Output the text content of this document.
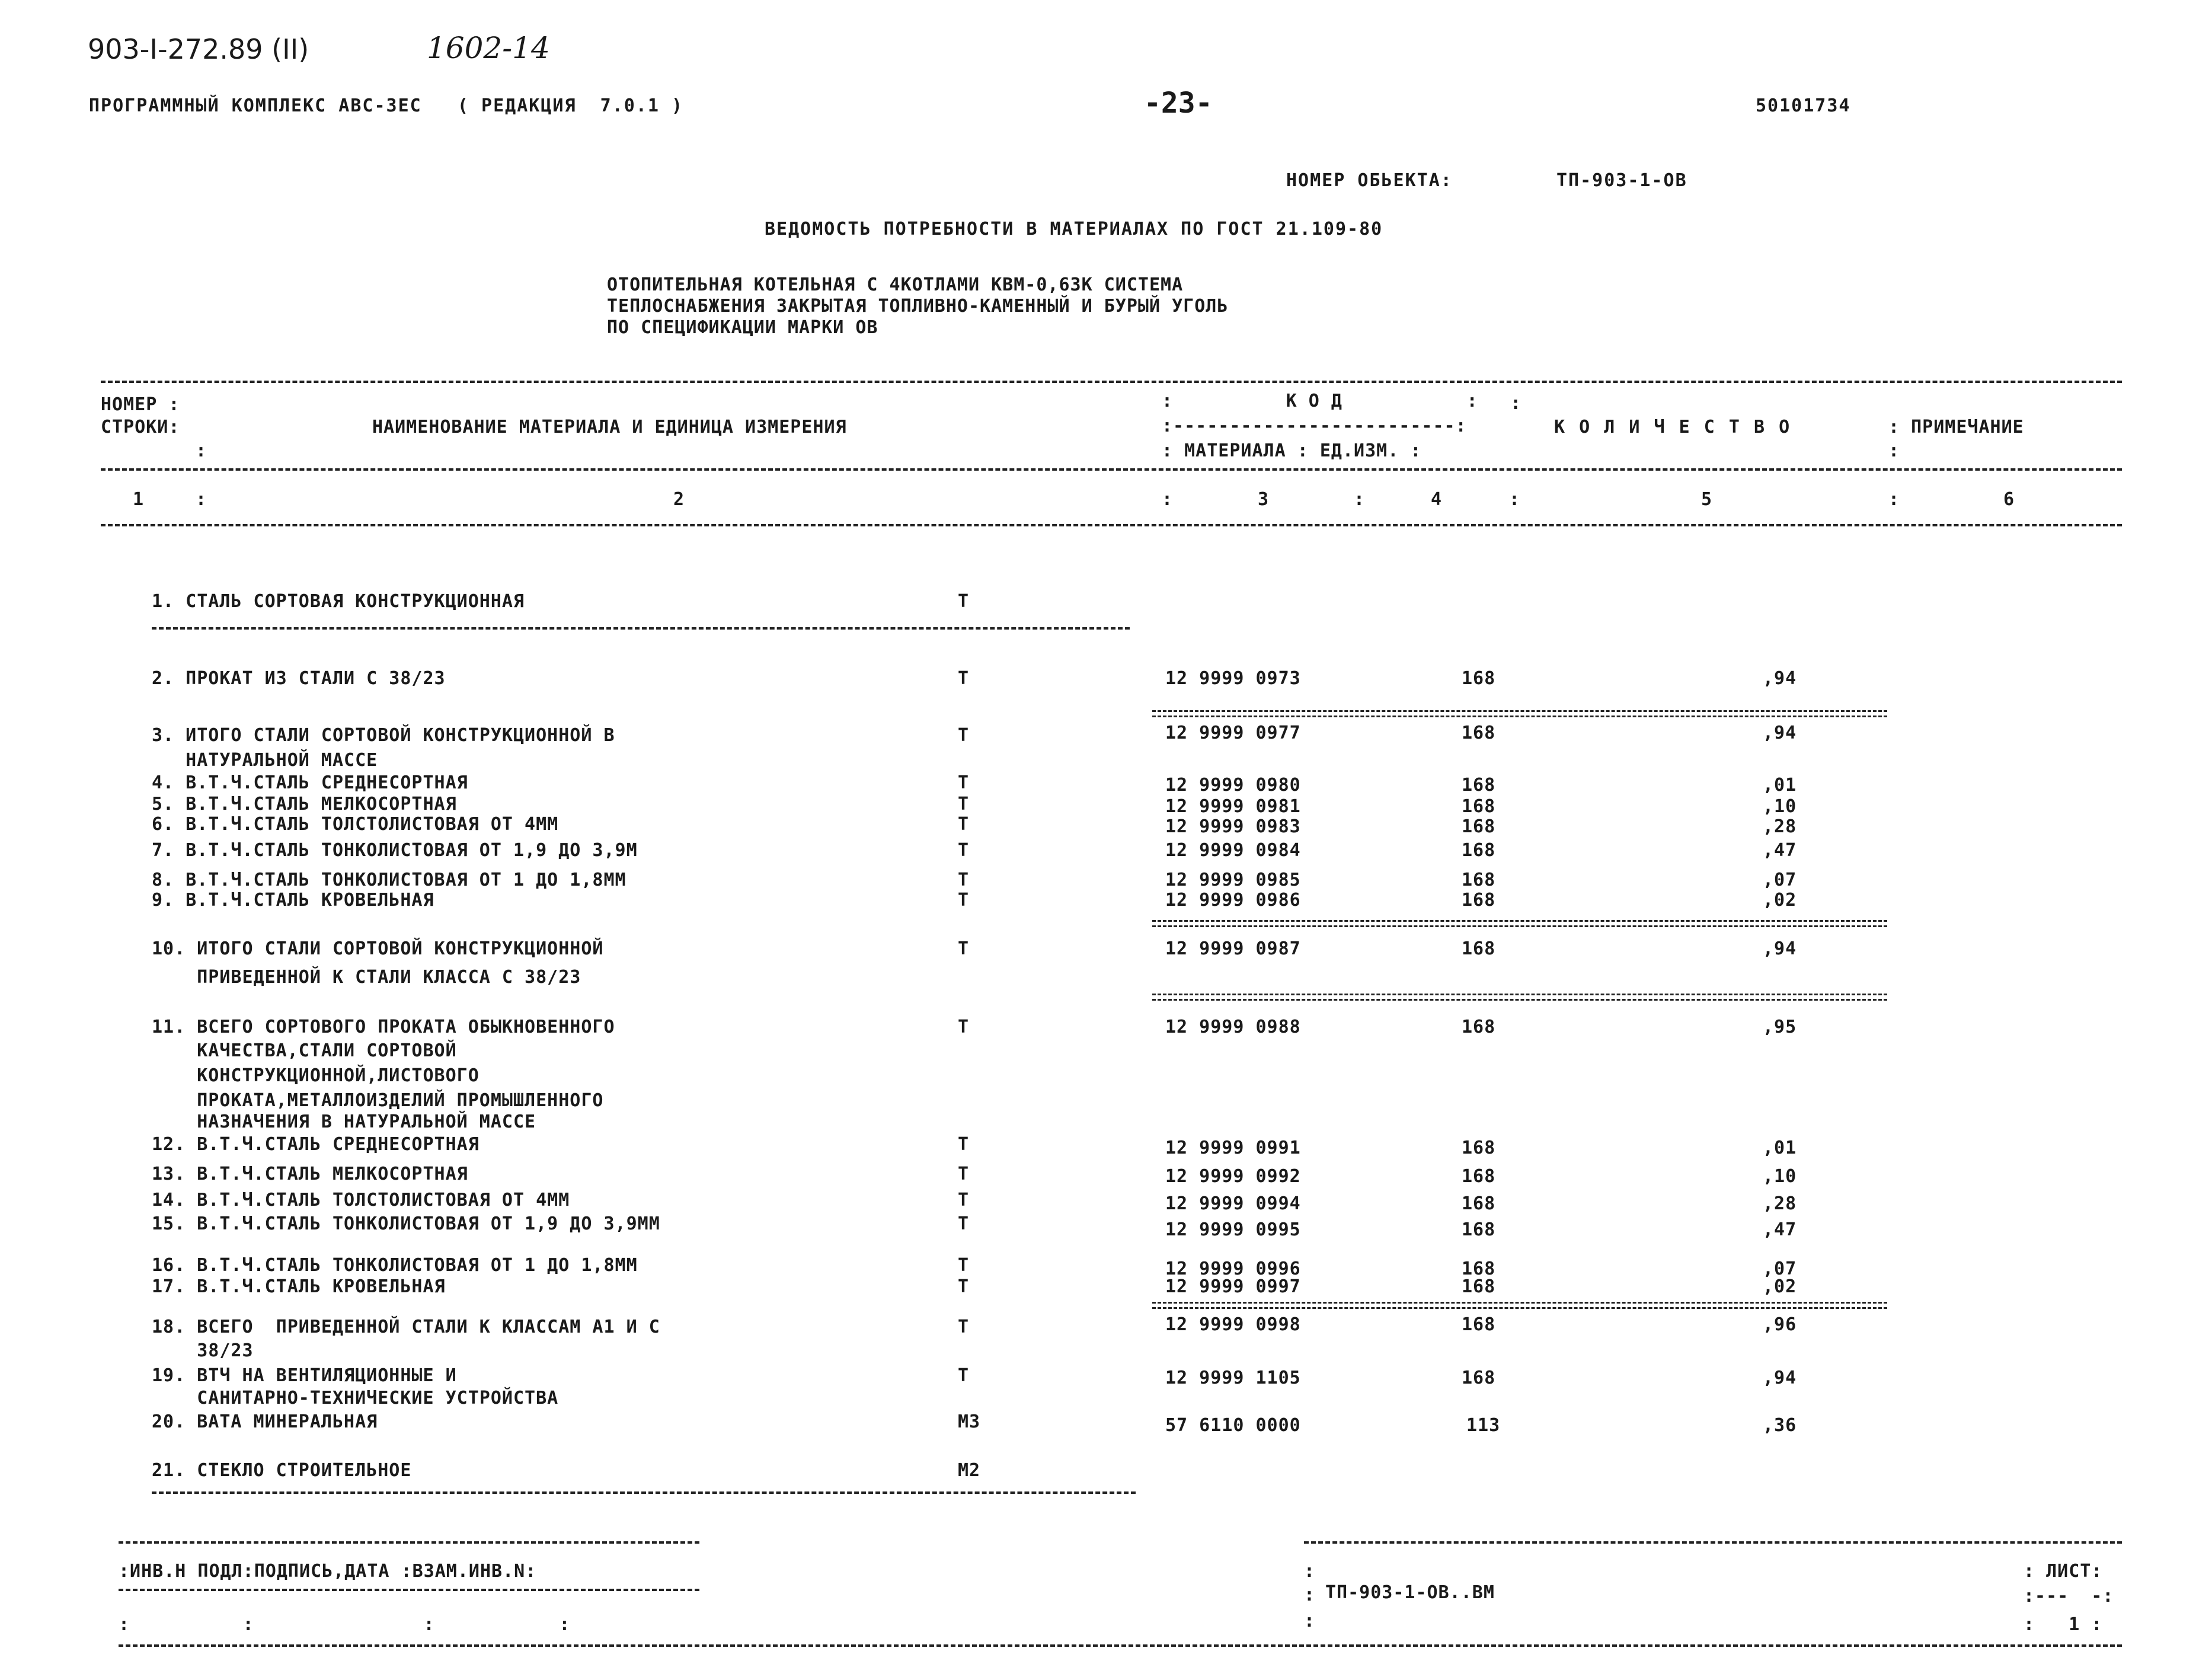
903-I-272.89 (II)	1602-14
ПРОГРАММНЫЙ КОМПЛЕКС АВС-ЗЕС   ( РЕДАКЦИЯ  7.0.1 )	-23-	50101734
НОМЕР ОБЬЕКТА:	ТП-903-1-ОВ
ВЕДОМОСТЬ ПОТРЕБНОСТИ В МАТЕРИАЛАХ ПО ГОСТ 21.109-80
ОТОПИТЕЛЬНАЯ КОТЕЛЬНАЯ С 4КОТЛАМИ КВМ-0,63К СИСТЕМА
ТЕПЛОСНАБЖЕНИЯ ЗАКРЫТАЯ ТОПЛИВНО-КАМЕННЫЙ И БУРЫЙ УГОЛЬ
ПО СПЕЦИФИКАЦИИ МАРКИ ОВ
НОМЕР :
СТРОКИ:
:
НАИМЕНОВАНИЕ МАТЕРИАЛА И ЕДИНИЦА ИЗМЕРЕНИЯ
:          К О Д           :
:-------------------------:
: МАТЕРИАЛА : ЕД.ИЗМ. :
:
К О Л И Ч Е С Т В О	: ПРИМЕЧАНИЕ
:
1	:	2	:	3	:	4	:	5	:	6
1. СТАЛЬ СОРТОВАЯ КОНСТРУКЦИОННАЯ	Т
2. ПРОКАТ ИЗ СТАЛИ С 38/23	Т	12 9999 0973	168	,94
3. ИТОГО СТАЛИ СОРТОВОЙ КОНСТРУКЦИОННОЙ В	Т	12 9999 0977	168	,94
НАТУРАЛЬНОЙ МАССЕ
4. В.Т.Ч.СТАЛЬ СРЕДНЕСОРТНАЯ	Т	12 9999 0980	168	,01
5. В.Т.Ч.СТАЛЬ МЕЛКОСОРТНАЯ	Т	12 9999 0981	168	,10
6. В.Т.Ч.СТАЛЬ ТОЛСТОЛИСТОВАЯ ОТ 4ММ	Т	12 9999 0983	168	,28
7. В.Т.Ч.СТАЛЬ ТОНКОЛИСТОВАЯ ОТ 1,9 ДО 3,9М	Т	12 9999 0984	168	,47
8. В.Т.Ч.СТАЛЬ ТОНКОЛИСТОВАЯ ОТ 1 ДО 1,8ММ	Т	12 9999 0985	168	,07
9. В.Т.Ч.СТАЛЬ КРОВЕЛЬНАЯ	Т	12 9999 0986	168	,02
10. ИТОГО СТАЛИ СОРТОВОЙ КОНСТРУКЦИОННОЙ	Т	12 9999 0987	168	,94
ПРИВЕДЕННОЙ К СТАЛИ КЛАССА С 38/23
11. ВСЕГО СОРТОВОГО ПРОКАТА ОБЫКНОВЕННОГО	Т	12 9999 0988	168	,95
КАЧЕСТВА,СТАЛИ СОРТОВОЙ
КОНСТРУКЦИОННОЙ,ЛИСТОВОГО
ПРОКАТА,МЕТАЛЛОИЗДЕЛИЙ ПРОМЫШЛЕННОГО
НАЗНАЧЕНИЯ В НАТУРАЛЬНОЙ МАССЕ
12. В.Т.Ч.СТАЛЬ СРЕДНЕСОРТНАЯ	Т	12 9999 0991	168	,01
13. В.Т.Ч.СТАЛЬ МЕЛКОСОРТНАЯ	Т	12 9999 0992	168	,10
14. В.Т.Ч.СТАЛЬ ТОЛСТОЛИСТОВАЯ ОТ 4ММ	Т	12 9999 0994	168	,28
15. В.Т.Ч.СТАЛЬ ТОНКОЛИСТОВАЯ ОТ 1,9 ДО 3,9ММ	Т	12 9999 0995	168	,47
16. В.Т.Ч.СТАЛЬ ТОНКОЛИСТОВАЯ ОТ 1 ДО 1,8ММ	Т	12 9999 0996	168	,07
17. В.Т.Ч.СТАЛЬ КРОВЕЛЬНАЯ	Т	12 9999 0997	168	,02
18. ВСЕГО  ПРИВЕДЕННОЙ СТАЛИ К КЛАССАМ А1 И С	Т	12 9999 0998	168	,96
38/23
19. ВТЧ НА ВЕНТИЛЯЦИОННЫЕ И	Т	12 9999 1105	168	,94
САНИТАРНО-ТЕХНИЧЕСКИЕ УСТРОЙСТВА
20. ВАТА МИНЕРАЛЬНАЯ	М3	57 6110 0000	113	,36
21. СТЕКЛО СТРОИТЕЛЬНОЕ	М2
:ИНВ.Н ПОДЛ:ПОДПИСЬ,ДАТА :ВЗАМ.ИНВ.N:
:          :               :           :
:
:
:
ТП-903-1-ОВ..ВМ
: ЛИСТ:
:---  -:
:   1 :
